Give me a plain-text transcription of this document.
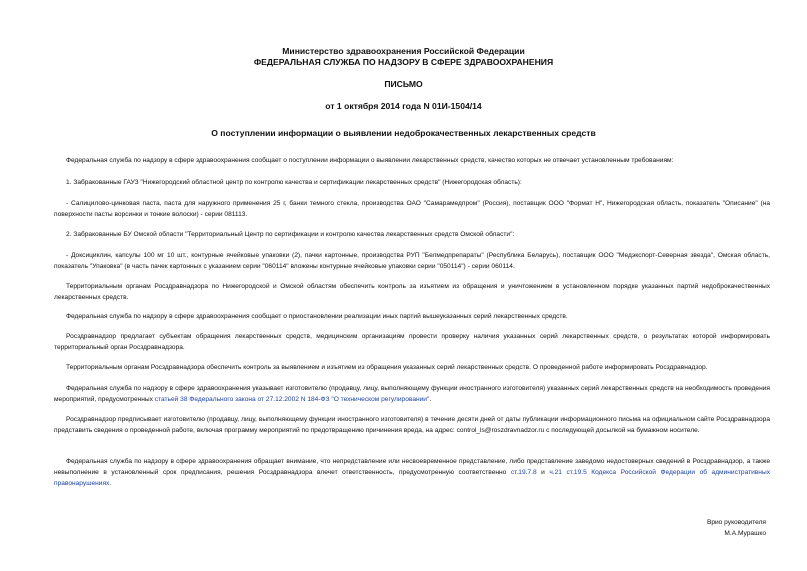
Министерство здравоохранения Российской Федерации
ФЕДЕРАЛЬНАЯ СЛУЖБА ПО НАДЗОРУ В СФЕРЕ ЗДРАВООХРАНЕНИЯ
ПИСЬМО
от 1 октября 2014 года N 01И-1504/14
О поступлении информации о выявлении недоброкачественных лекарственных средств

Федеральная служба по надзору в сфере здравоохранения сообщает о поступлении информации о выявлении лекарственных средств, качество которых не отвечает установленным требованиям:

1. Забракованные ГАУЗ "Нижегородский областной центр по контролю качества и сертификации лекарственных средств" (Нижегородская область):

- Салицилово-цинковая паста, паста для наружного применения 25 г, банки темного стекла, производства ОАО "Самарамедпром" (Россия), поставщик ООО "Формат Н", Нижегородская область, показатель "Описание" (на поверхности пасты ворсинки и тонкие волоски) - серии 081113.

2. Забракованные БУ Омской области "Территориальный Центр по сертификации и контролю качества лекарственных средств Омской области":

- Доксициклин, капсулы 100 мг 10 шт., контурные ячейковые упаковки (2), пачки картонные, производства РУП "Белмедпрепараты" (Республика Беларусь), поставщик ООО "Медэкспорт-Северная звезда", Омская область, показатель "Упаковка" (в часть пачек картонных с указанием серии "060114" вложены контурные ячейковые упаковки серии "050114") - серии 060114.

Территориальным органам Росздравнадзора по Нижегородской и Омской областям обеспечить контроль за изъятием из обращения и уничтожением в установленном порядке указанных партий недоброкачественных лекарственных средств.

Федеральная служба по надзору в сфере здравоохранения сообщает о приостановлении реализации иных партий вышеуказанных серий лекарственных средств.

Росздравнадзор предлагает субъектам обращения лекарственных средств, медицинским организациям провести проверку наличия указанных серий лекарственных средств, о результатах которой информировать территориальный орган Росздравнадзора.

Территориальным органам Росздравнадзора обеспечить контроль за выявлением и изъятием из обращения указанных серий лекарственных средств. О проведенной работе информировать Росздравнадзор.

Федеральная служба по надзору в сфере здравоохранения указывает изготовителю (продавцу, лицу, выполняющему функции иностранного изготовителя) указанных серий лекарственных средств на необходимость проведения мероприятий, предусмотренных статьей 38 Федерального закона от 27.12.2002 N 184-ФЗ "О техническом регулировании".

Росздравнадзор предписывает изготовителю (продавцу, лицу, выполняющему функции иностранного изготовителя) в течение десяти дней от даты публикации информационного письма на официальном сайте Росздравнадзора представить сведения о проведенной работе, включая программу мероприятий по предотвращению причинения вреда, на адрес: control_ls@roszdravnadzor.ru с последующей досылкой на бумажном носителе.

Федеральная служба по надзору в сфере здравоохранения обращает внимание, что непредставление или несвоевременное представление, либо представление заведомо недостоверных сведений в Росздравнадзор, а также невыполнение в установленный срок предписания, решения Росздравнадзора влечет ответственность, предусмотренную соответственно ст.19.7.8 и ч.21 ст.19.5 Кодекса Российской Федерации об административных правонарушениях.

Врио руководителя
М.А.Мурашко
